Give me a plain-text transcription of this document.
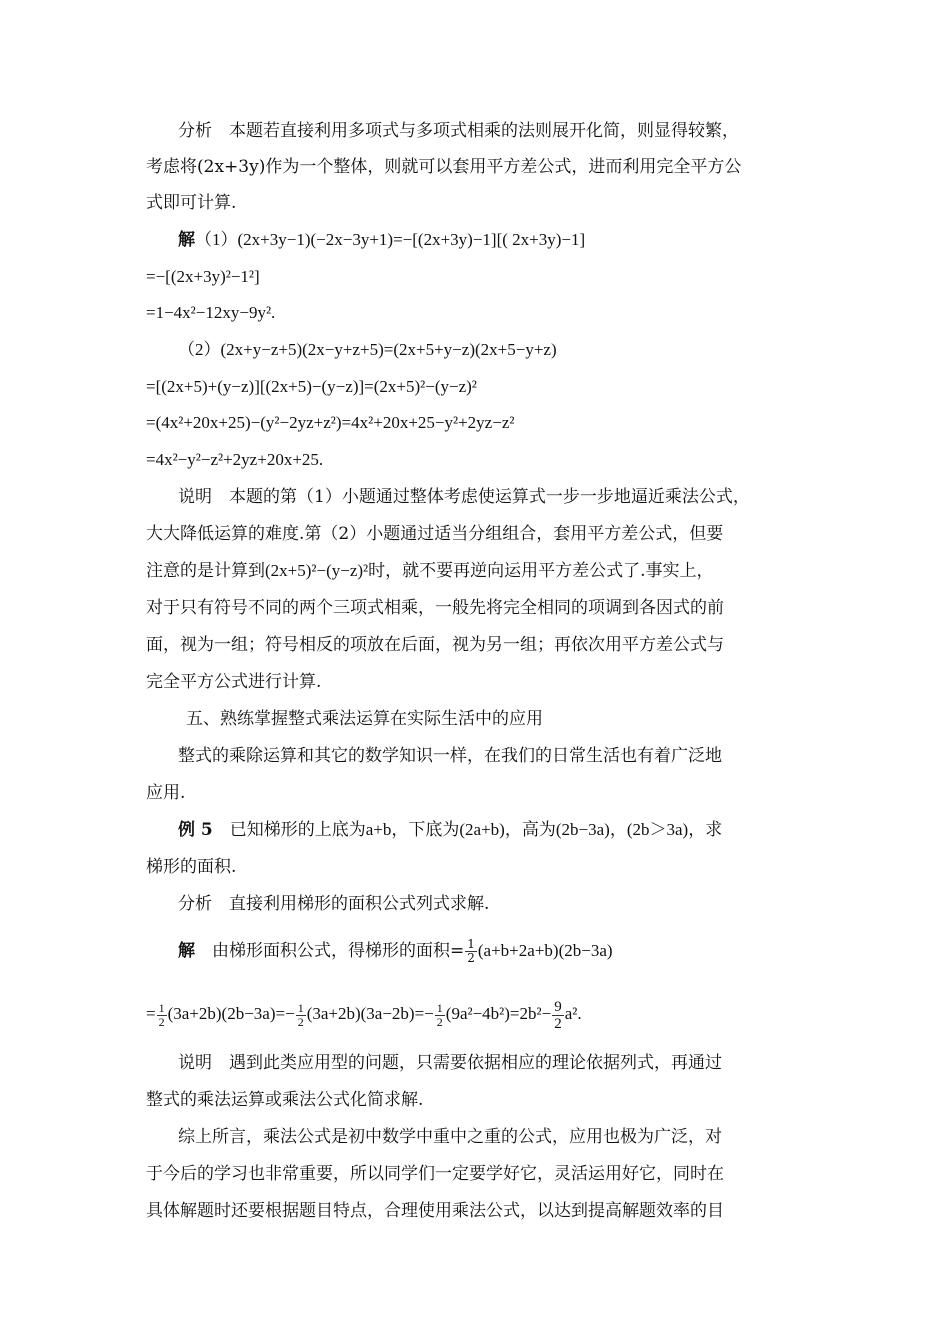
分析  本题若直接利用多项式与多项式相乘的法则展开化简，则显得较繁，
考虑将(2x+3y)作为一个整体，则就可以套用平方差公式，进而利用完全平方公
式即可计算.
解（1）(2x+3y−1)(−2x−3y+1)=−[(2x+3y)−1][( 2x+3y)−1]
=−[(2x+3y)²−1²]
=1−4x²−12xy−9y².
（2）(2x+y−z+5)(2x−y+z+5)=(2x+5+y−z)(2x+5−y+z)
=[(2x+5)+(y−z)][(2x+5)−(y−z)]=(2x+5)²−(y−z)²
=(4x²+20x+25)−(y²−2yz+z²)=4x²+20x+25−y²+2yz−z²
=4x²−y²−z²+2yz+20x+25.
说明  本题的第（1）小题通过整体考虑使运算式一步一步地逼近乘法公式，
大大降低运算的难度.第（2）小题通过适当分组组合，套用平方差公式，但要
注意的是计算到(2x+5)²−(y−z)²时，就不要再逆向运用平方差公式了.事实上，
对于只有符号不同的两个三项式相乘，一般先将完全相同的项调到各因式的前
面，视为一组；符号相反的项放在后面，视为另一组；再依次用平方差公式与
完全平方公式进行计算.
五、熟练掌握整式乘法运算在实际生活中的应用
整式的乘除运算和其它的数学知识一样，在我们的日常生活也有着广泛地
应用.
例 5  已知梯形的上底为a+b，下底为(2a+b)，高为(2b−3a)，(2b＞3a)，求
梯形的面积.
分析  直接利用梯形的面积公式列式求解.
解  由梯形面积公式，得梯形的面积= $\frac{1}{2} (a+b+2a+b)(2b-3a)$
= $\frac{1}{2} (3a+2b)(2b-3a)=- \frac{1}{2} (3a+2b)(3a-2b)=- \frac{1}{2} (9a^2-4b^2)=2b^2- \frac{9}{2} a^2$.
说明  遇到此类应用型的问题，只需要依据相应的理论依据列式，再通过
整式的乘法运算或乘法公式化简求解.
综上所言，乘法公式是初中数学中重中之重的公式，应用也极为广泛，对
于今后的学习也非常重要，所以同学们一定要学好它，灵活运用好它，同时在
具体解题时还要根据题目特点，合理使用乘法公式，以达到提高解题效率的目
